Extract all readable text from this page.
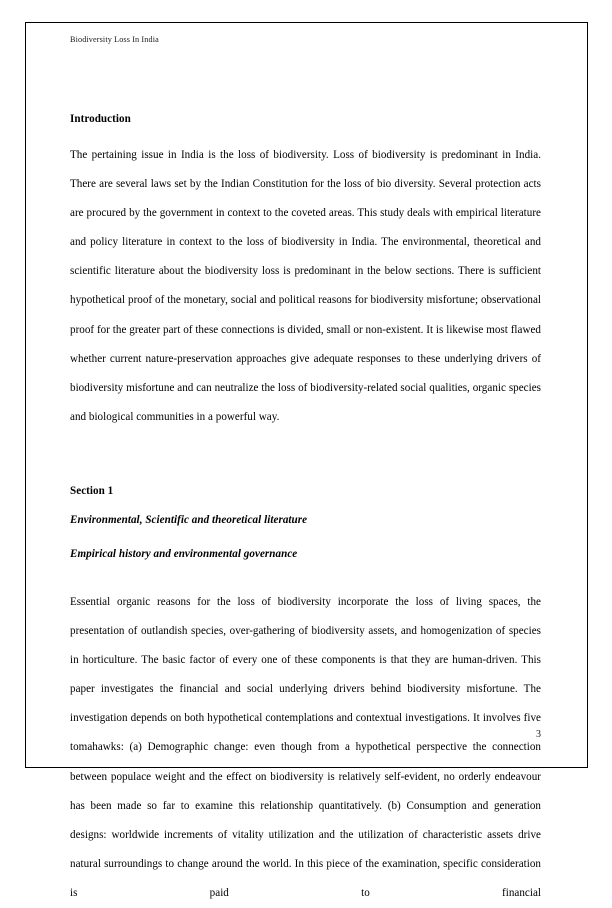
Biodiversity Loss In India
Introduction

The pertaining issue in India is the loss of biodiversity. Loss of biodiversity is predominant in India. There are several laws set by the Indian Constitution for the loss of bio diversity. Several protection acts are procured by the government in context to the coveted areas. This study deals with empirical literature and policy literature in context to the loss of biodiversity in India. The environmental, theoretical and scientific literature about the biodiversity loss is predominant in the below sections. There is sufficient hypothetical proof of the monetary, social and political reasons for biodiversity misfortune; observational proof for the greater part of these connections is divided, small or non-existent. It is likewise most flawed whether current nature-preservation approaches give adequate responses to these underlying drivers of biodiversity misfortune and can neutralize the loss of biodiversity-related social qualities, organic species and biological communities in a powerful way.

Section 1
Environmental, Scientific and theoretical literature
Empirical history and environmental governance

Essential organic reasons for the loss of biodiversity incorporate the loss of living spaces, the presentation of outlandish species, over-gathering of biodiversity assets, and homogenization of species in horticulture. The basic factor of every one of these components is that they are human-driven. This paper investigates the financial and social underlying drivers behind biodiversity misfortune. The investigation depends on both hypothetical contemplations and contextual investigations. It involves five tomahawks: (a) Demographic change: even though from a hypothetical perspective the connection between populace weight and the effect on biodiversity is relatively self-evident, no orderly endeavour has been made so far to examine this relationship quantitatively. (b) Consumption and generation designs: worldwide increments of vitality utilization and the utilization of characteristic assets drive natural surroundings to change around the world. In this piece of the examination, specific consideration is paid to financial

3
